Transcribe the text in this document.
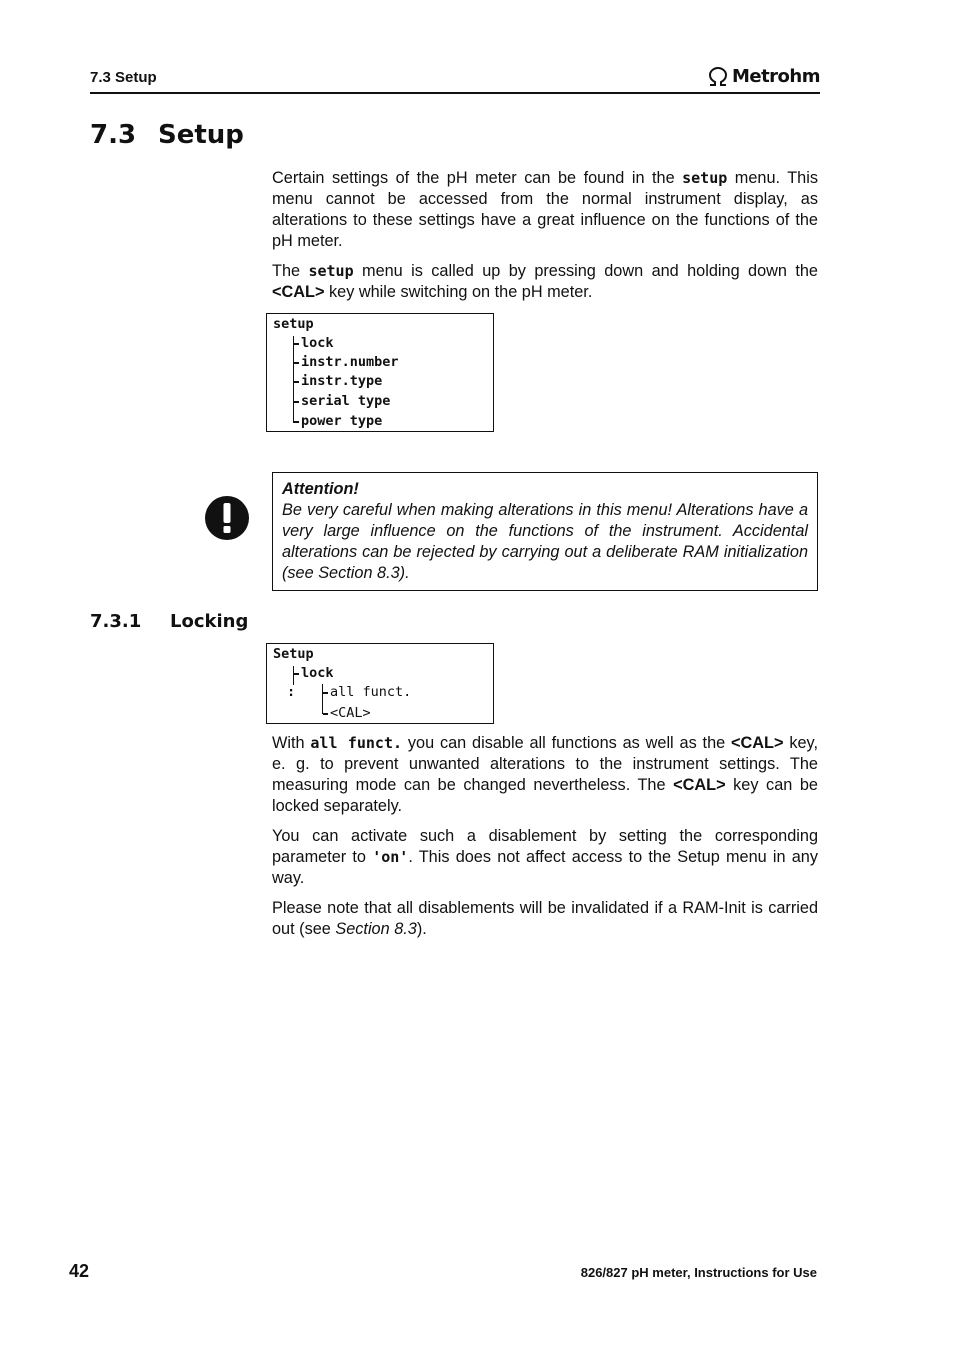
7.3 Setup	Metrohm
7.3 Setup

Certain settings of the pH meter can be found in the setup menu. This menu cannot be accessed from the normal instrument display, as alterations to these settings have a great influence on the functions of the pH meter.

The setup menu is called up by pressing down and holding down the <CAL> key while switching on the pH meter.

setup
lock
instr.number
instr.type
serial type
power type
Attention!
Be very careful when making alterations in this menu! Alterations have a very large influence on the functions of the instrument. Accidental alterations can be rejected by carrying out a deliberate RAM initialization (see Section 8.3).
7.3.1 Locking
Setup
lock
:	all funct.
<CAL>

With all funct. you can disable all functions as well as the <CAL> key, e. g. to prevent unwanted alterations to the instrument settings. The measuring mode can be changed nevertheless. The <CAL> key can be locked separately.

You can activate such a disablement by setting the corresponding parameter to 'on'. This does not affect access to the Setup menu in any way.

Please note that all disablements will be invalidated if a RAM-Init is carried out (see Section 8.3).

42	826/827 pH meter, Instructions for Use
